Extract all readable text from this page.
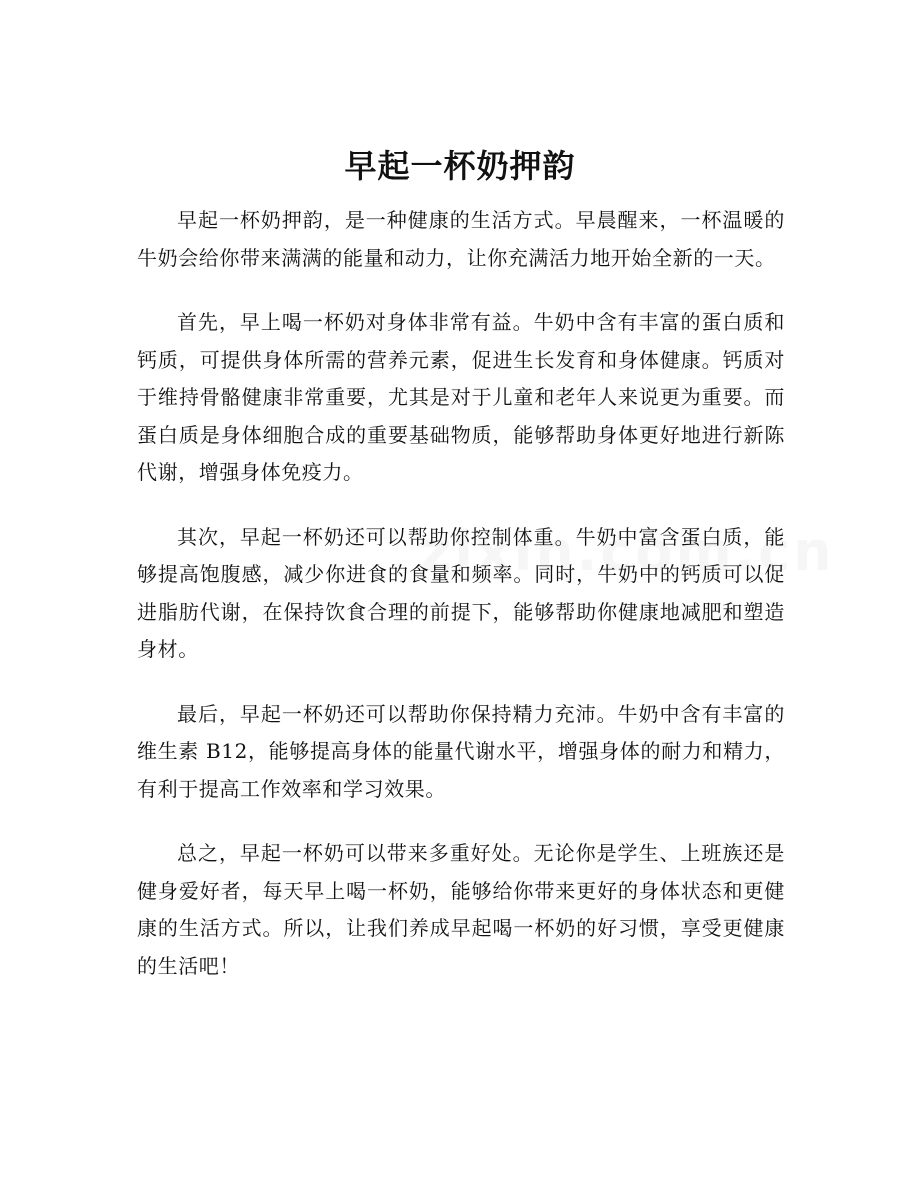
早起一杯奶押韵

早起一杯奶押韵，是一种健康的生活方式。早晨醒来，一杯温暖的牛奶会给你带来满满的能量和动力，让你充满活力地开始全新的一天。

首先，早上喝一杯奶对身体非常有益。牛奶中含有丰富的蛋白质和钙质，可提供身体所需的营养元素，促进生长发育和身体健康。钙质对于维持骨骼健康非常重要，尤其是对于儿童和老年人来说更为重要。而蛋白质是身体细胞合成的重要基础物质，能够帮助身体更好地进行新陈代谢，增强身体免疫力。

其次，早起一杯奶还可以帮助你控制体重。牛奶中富含蛋白质，能够提高饱腹感，减少你进食的食量和频率。同时，牛奶中的钙质可以促进脂肪代谢，在保持饮食合理的前提下，能够帮助你健康地减肥和塑造身材。

最后，早起一杯奶还可以帮助你保持精力充沛。牛奶中含有丰富的维生素 B12，能够提高身体的能量代谢水平，增强身体的耐力和精力，有利于提高工作效率和学习效果。

总之，早起一杯奶可以带来多重好处。无论你是学生、上班族还是健身爱好者，每天早上喝一杯奶，能够给你带来更好的身体状态和更健康的生活方式。所以，让我们养成早起喝一杯奶的好习惯，享受更健康的生活吧！
